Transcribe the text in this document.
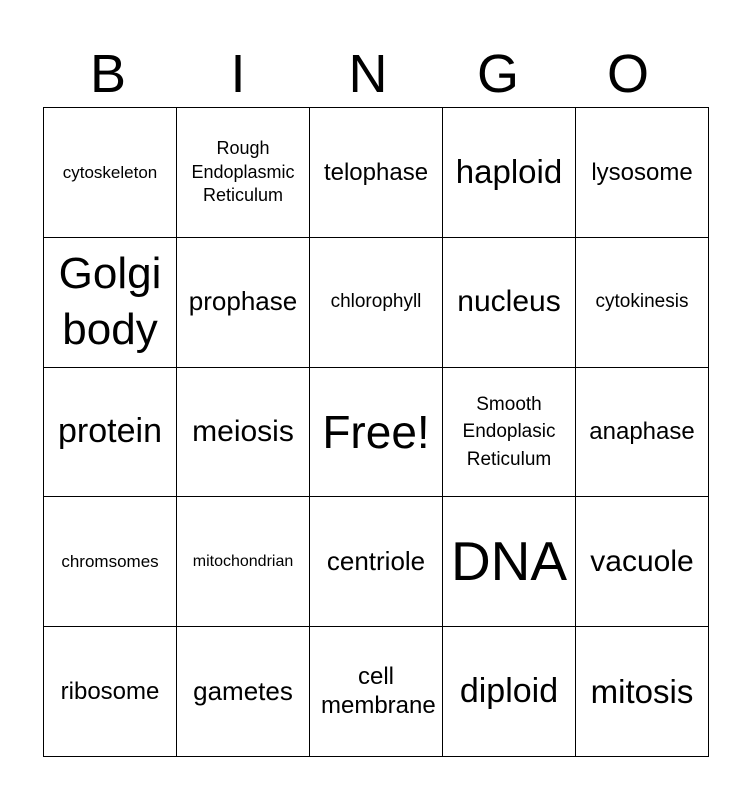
B	I	N	G	O
cytoskeleton	Rough Endoplasmic Reticulum	telophase	haploid	lysosome

Golgi body	prophase	chlorophyll	nucleus	cytokinesis

protein	meiosis	Free!	Smooth Endoplasic Reticulum	anaphase

chromsomes	mitochondrian	centriole	DNA	vacuole

ribosome	gametes	cell membrane	diploid	mitosis
